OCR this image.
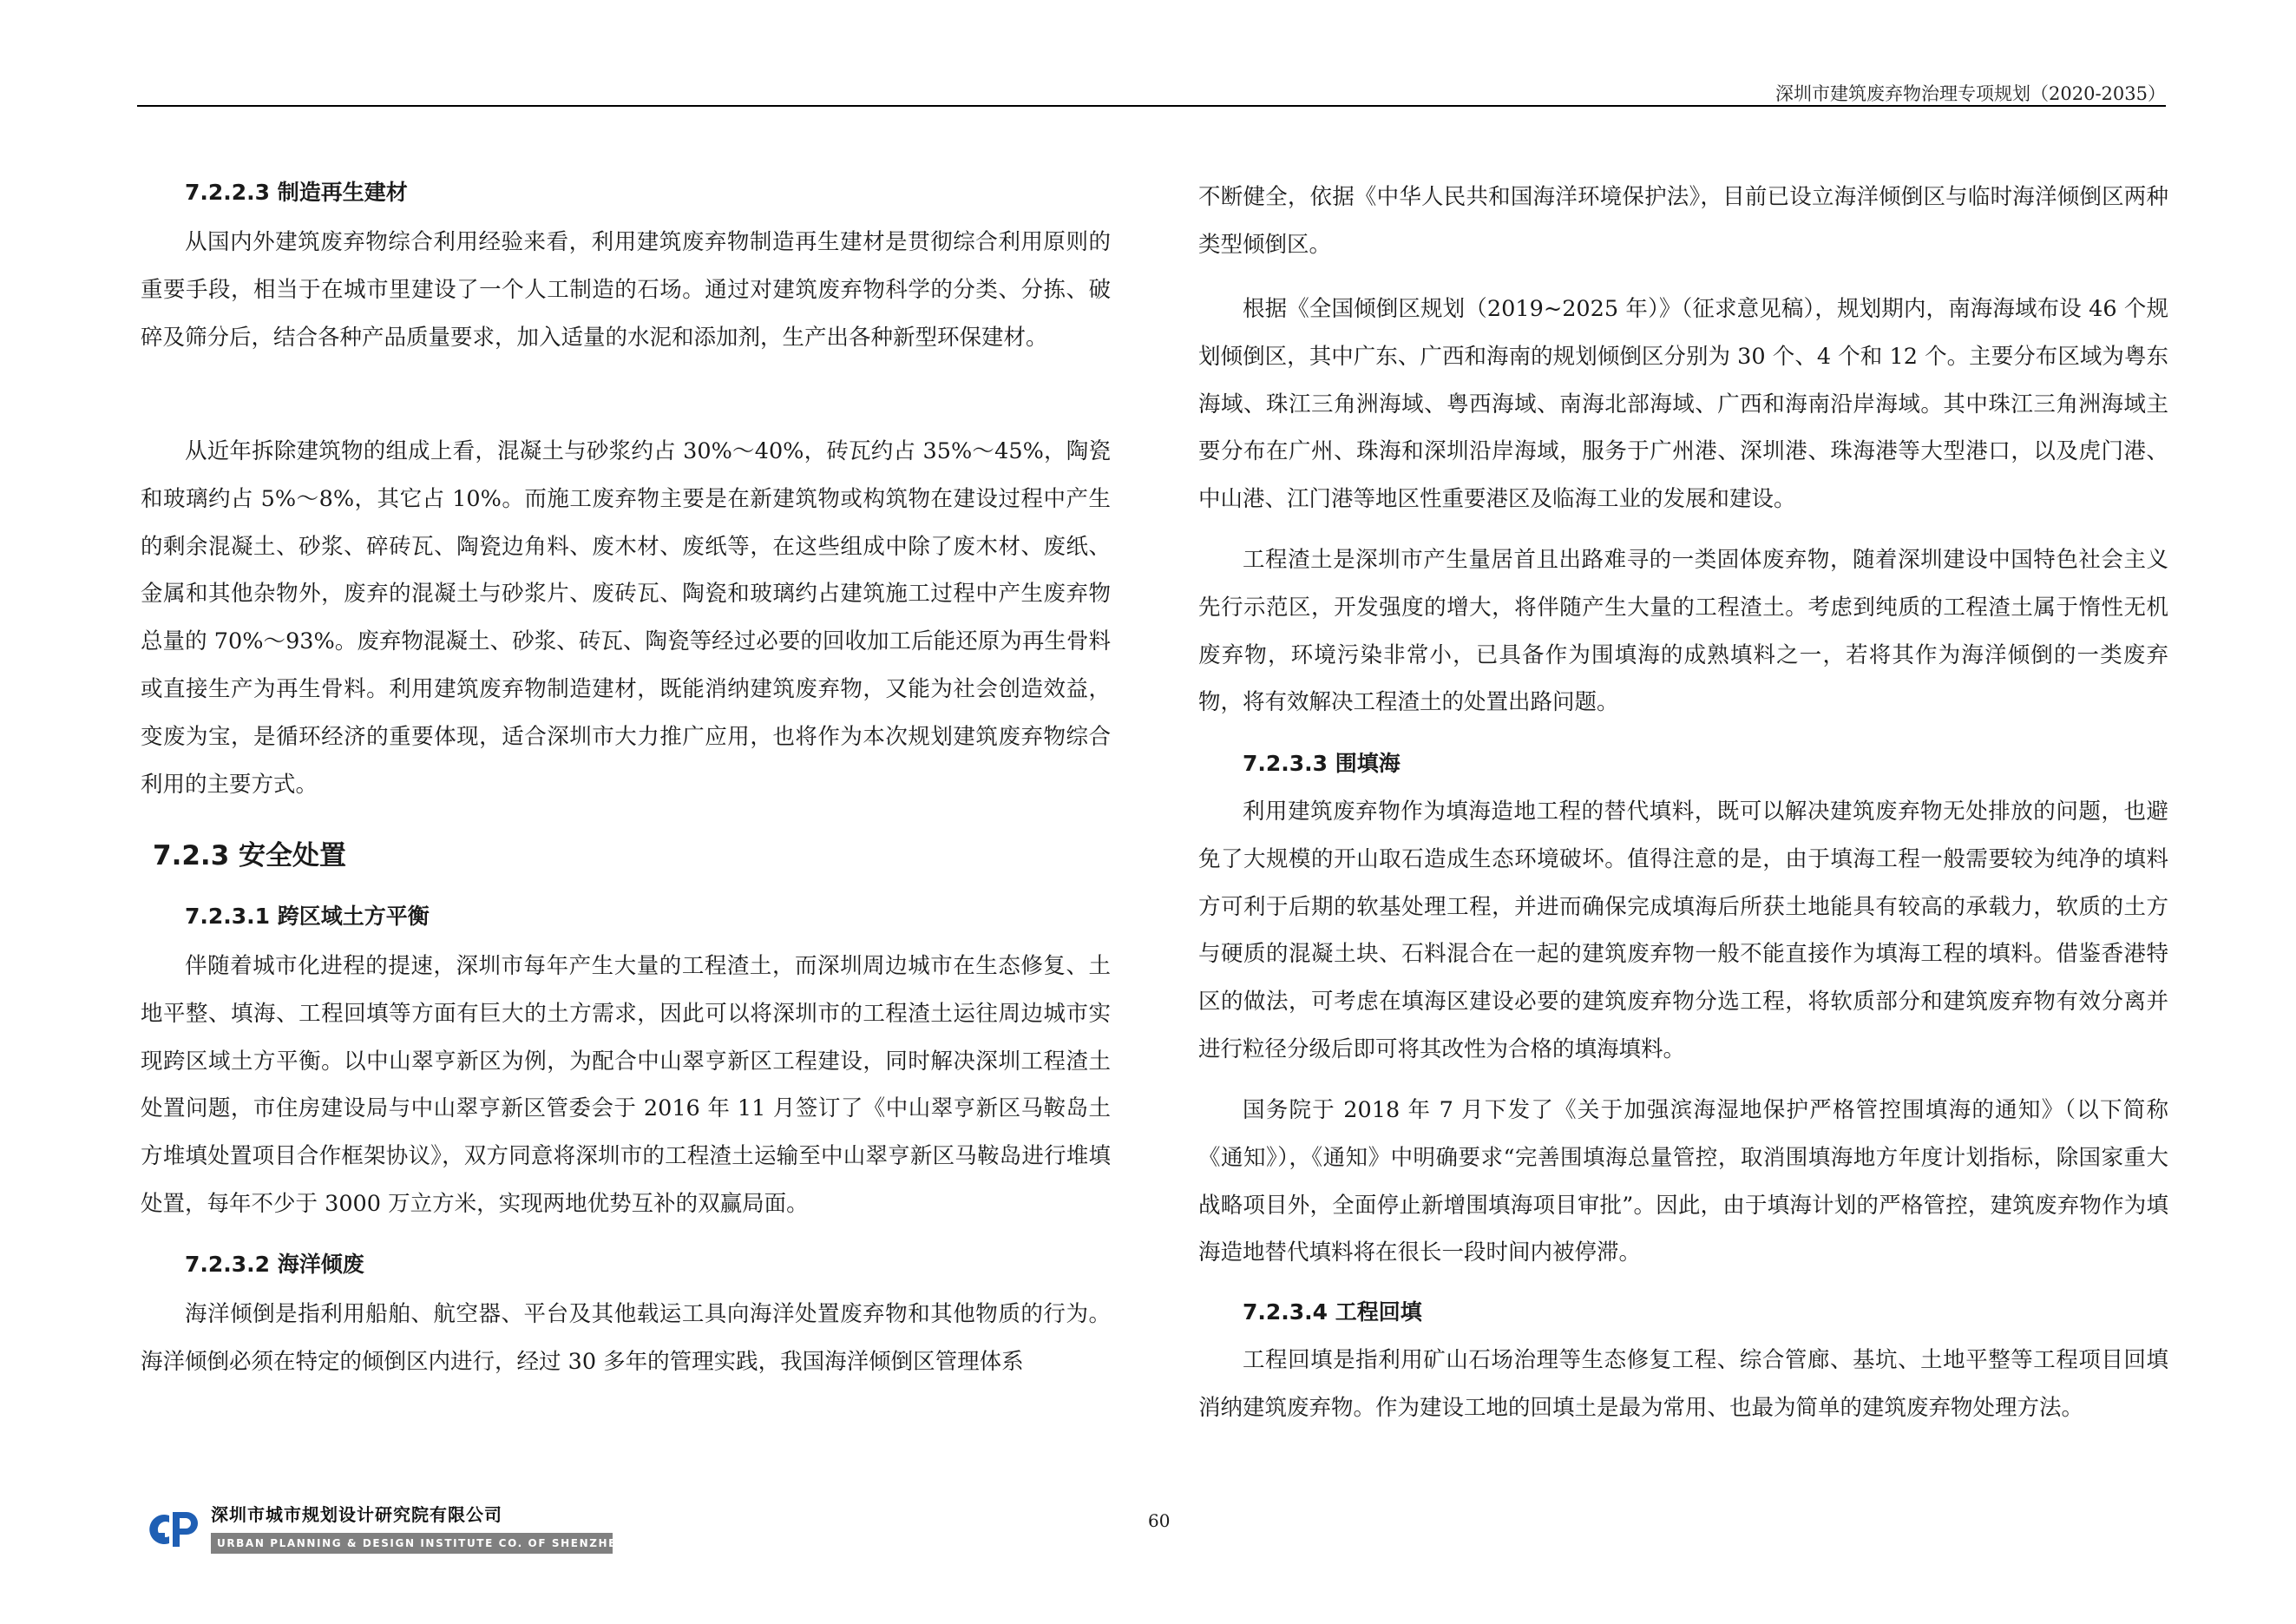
深圳市建筑废弃物治理专项规划（2020-2035）
7.2.2.3 制造再生建材

从国内外建筑废弃物综合利用经验来看，利用建筑废弃物制造再生建材是贯彻综合利用原则的重要手段，相当于在城市里建设了一个人工制造的石场。通过对建筑废弃物科学的分类、分拣、破碎及筛分后，结合各种产品质量要求，加入适量的水泥和添加剂，生产出各种新型环保建材。

从近年拆除建筑物的组成上看，混凝土与砂浆约占 30%～40%，砖瓦约占 35%～45%，陶瓷和玻璃约占 5%～8%，其它占 10%。而施工废弃物主要是在新建筑物或构筑物在建设过程中产生的剩余混凝土、砂浆、碎砖瓦、陶瓷边角料、废木材、废纸等，在这些组成中除了废木材、废纸、金属和其他杂物外，废弃的混凝土与砂浆片、废砖瓦、陶瓷和玻璃约占建筑施工过程中产生废弃物总量的 70%～93%。废弃物混凝土、砂浆、砖瓦、陶瓷等经过必要的回收加工后能还原为再生骨料或直接生产为再生骨料。利用建筑废弃物制造建材，既能消纳建筑废弃物，又能为社会创造效益，变废为宝，是循环经济的重要体现，适合深圳市大力推广应用，也将作为本次规划建筑废弃物综合利用的主要方式。

7.2.3 安全处置
7.2.3.1 跨区域土方平衡

伴随着城市化进程的提速，深圳市每年产生大量的工程渣土，而深圳周边城市在生态修复、土地平整、填海、工程回填等方面有巨大的土方需求，因此可以将深圳市的工程渣土运往周边城市实现跨区域土方平衡。以中山翠亨新区为例，为配合中山翠亨新区工程建设，同时解决深圳工程渣土处置问题，市住房建设局与中山翠亨新区管委会于 2016 年 11 月签订了《中山翠亨新区马鞍岛土方堆填处置项目合作框架协议》，双方同意将深圳市的工程渣土运输至中山翠亨新区马鞍岛进行堆填处置，每年不少于 3000 万立方米，实现两地优势互补的双赢局面。

7.2.3.2 海洋倾废

海洋倾倒是指利用船舶、航空器、平台及其他载运工具向海洋处置废弃物和其他物质的行为。海洋倾倒必须在特定的倾倒区内进行，经过 30 多年的管理实践，我国海洋倾倒区管理体系

不断健全，依据《中华人民共和国海洋环境保护法》，目前已设立海洋倾倒区与临时海洋倾倒区两种类型倾倒区。

根据《全国倾倒区规划（2019~2025 年）》（征求意见稿），规划期内，南海海域布设 46 个规划倾倒区，其中广东、广西和海南的规划倾倒区分别为 30 个、4 个和 12 个。主要分布区域为粤东海域、珠江三角洲海域、粤西海域、南海北部海域、广西和海南沿岸海域。其中珠江三角洲海域主要分布在广州、珠海和深圳沿岸海域，服务于广州港、深圳港、珠海港等大型港口，以及虎门港、中山港、江门港等地区性重要港区及临海工业的发展和建设。

工程渣土是深圳市产生量居首且出路难寻的一类固体废弃物，随着深圳建设中国特色社会主义先行示范区，开发强度的增大，将伴随产生大量的工程渣土。考虑到纯质的工程渣土属于惰性无机废弃物，环境污染非常小，已具备作为围填海的成熟填料之一，若将其作为海洋倾倒的一类废弃物，将有效解决工程渣土的处置出路问题。

7.2.3.3 围填海

利用建筑废弃物作为填海造地工程的替代填料，既可以解决建筑废弃物无处排放的问题，也避免了大规模的开山取石造成生态环境破坏。值得注意的是，由于填海工程一般需要较为纯净的填料方可利于后期的软基处理工程，并进而确保完成填海后所获土地能具有较高的承载力，软质的土方与硬质的混凝土块、石料混合在一起的建筑废弃物一般不能直接作为填海工程的填料。借鉴香港特区的做法，可考虑在填海区建设必要的建筑废弃物分选工程，将软质部分和建筑废弃物有效分离并进行粒径分级后即可将其改性为合格的填海填料。

国务院于 2018 年 7 月下发了《关于加强滨海湿地保护严格管控围填海的通知》（以下简称《通知》），《通知》中明确要求“完善围填海总量管控，取消围填海地方年度计划指标，除国家重大战略项目外，全面停止新增围填海项目审批”。因此，由于填海计划的严格管控，建筑废弃物作为填海造地替代填料将在很长一段时间内被停滞。

7.2.3.4 工程回填

工程回填是指利用矿山石场治理等生态修复工程、综合管廊、基坑、土地平整等工程项目回填消纳建筑废弃物。作为建设工地的回填土是最为常用、也最为简单的建筑废弃物处理方法。

深圳市城市规划设计研究院有限公司
URBAN PLANNING & DESIGN INSTITUTE CO. OF SHENZHEN
60
